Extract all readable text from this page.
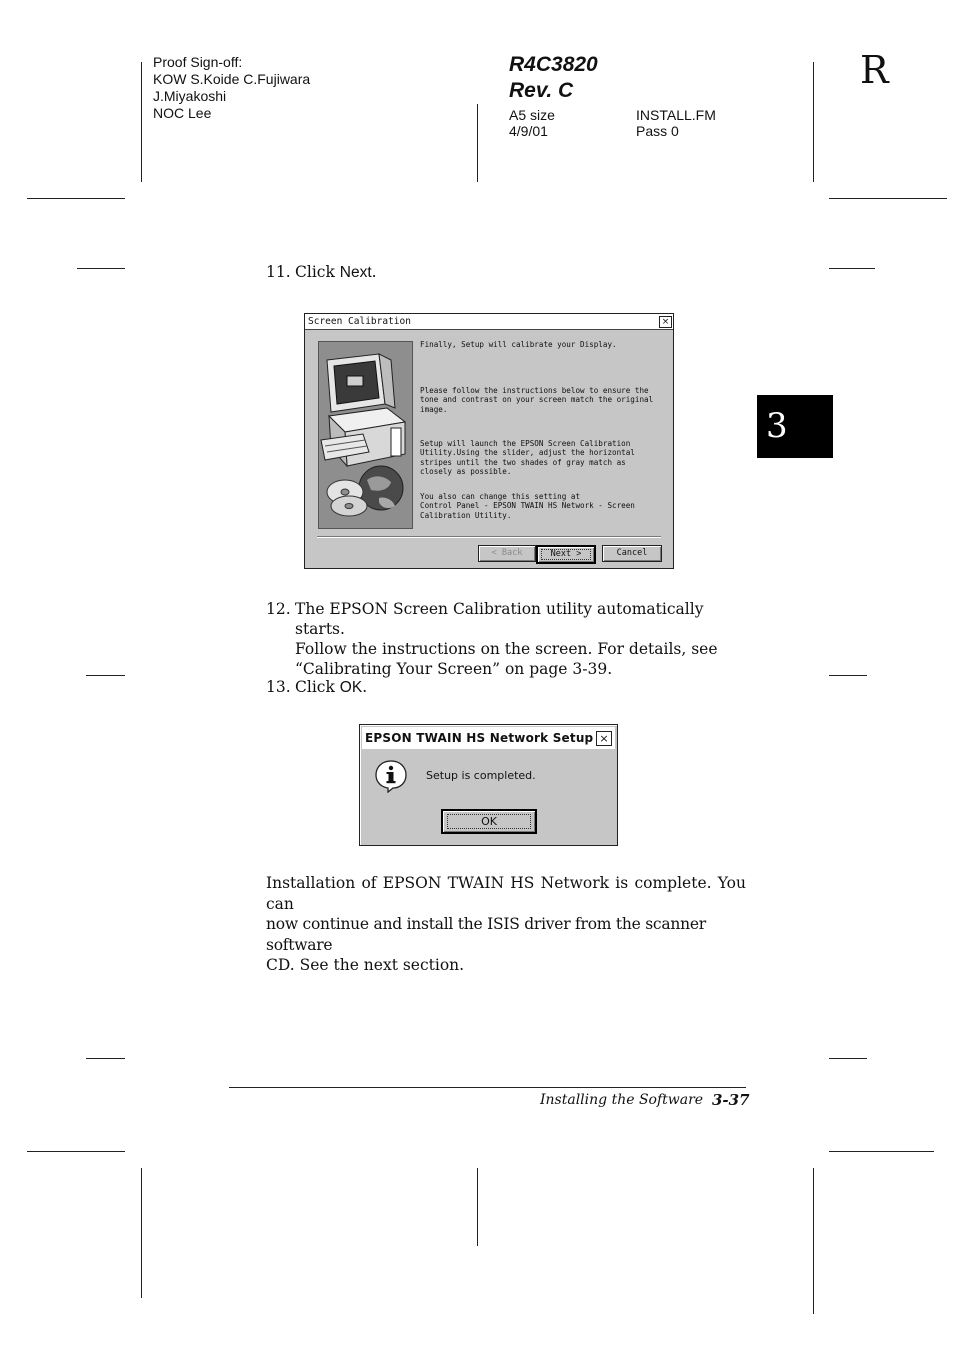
Proof Sign-off:
KOW S.Koide C.Fujiwara
J.Miyakoshi
NOC Lee
R4C3820
Rev. C
A5 size	INSTALL.FM
4/9/01	Pass 0
R
3
11. Click Next.
Screen Calibration	×
Finally, Setup will calibrate your Display.
Please follow the instructions below to ensure the
tone and contrast on your screen match the original
image.
Setup will launch the EPSON Screen Calibration
Utility.Using the slider, adjust the horizontal
stripes until the two shades of gray match as
closely as possible.
You also can change this setting at
Control Panel - EPSON TWAIN HS Network - Screen
Calibration Utility.
< Back	Next >	Cancel
12. The EPSON Screen Calibration utility automatically starts.
Follow the instructions on the screen. For details, see
“Calibrating Your Screen” on page 3-39.
13. Click OK.
EPSON TWAIN HS Network Setup ×
Setup is completed.
OK
Installation of EPSON TWAIN HS Network is complete. You can
now continue and install the ISIS driver from the scanner software
CD. See the next section.
Installing the Software 3-37
